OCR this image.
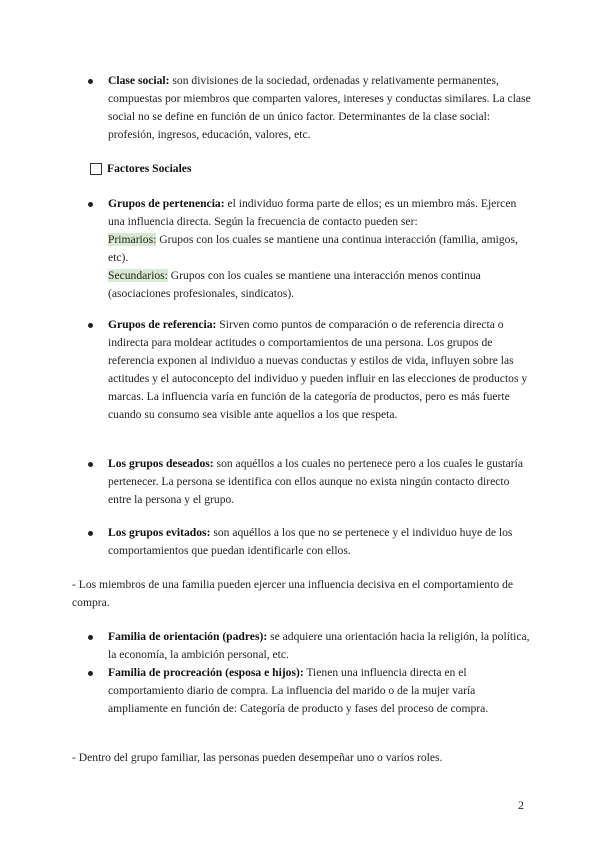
Clase social: son divisiones de la sociedad, ordenadas y relativamente permanentes, compuestas por miembros que comparten valores, intereses y conductas similares. La clase social no se define en función de un único factor. Determinantes de la clase social: profesión, ingresos, educación, valores, etc.
Factores Sociales
Grupos de pertenencia: el individuo forma parte de ellos; es un miembro más. Ejercen una influencia directa. Según la frecuencia de contacto pueden ser:
Primarios: Grupos con los cuales se mantiene una continua interacción (familia, amigos, etc).
Secundarios: Grupos con los cuales se mantiene una interacción menos continua (asociaciones profesionales, sindicatos).
Grupos de referencia: Sirven como puntos de comparación o de referencia directa o indirecta para moldear actitudes o comportamientos de una persona. Los grupos de referencia exponen al individuo a nuevas conductas y estilos de vida, influyen sobre las actitudes y el autoconcepto del individuo y pueden influir en las elecciones de productos y marcas. La influencia varía en función de la categoría de productos, pero es más fuerte cuando su consumo sea visible ante aquellos a los que respeta.
Los grupos deseados: son aquéllos a los cuales no pertenece pero a los cuales le gustaría pertenecer. La persona se identifica con ellos aunque no exista ningún contacto directo entre la persona y el grupo.
Los grupos evitados: son aquéllos a los que no se pertenece y el individuo huye de los comportamientos que puedan identificarle con ellos.
- Los miembros de una familia pueden ejercer una influencia decisiva en el comportamiento de compra.
Familia de orientación (padres): se adquiere una orientación hacia la religión, la política, la economía, la ambición personal, etc.
Familia de procreación (esposa e hijos): Tienen una influencia directa en el comportamiento diario de compra. La influencia del marido o de la mujer varía ampliamente en función de: Categoría de producto y fases del proceso de compra.
- Dentro del grupo familiar, las personas pueden desempeñar uno o varios roles.
2
